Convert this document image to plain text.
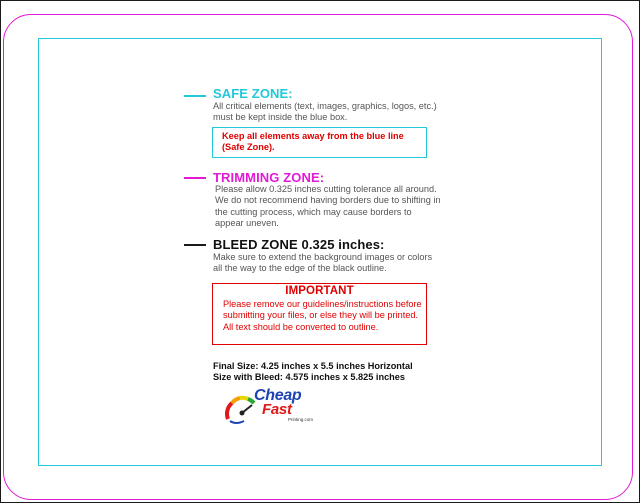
SAFE ZONE:
All critical elements (text, images, graphics, logos, etc.)
must be kept inside the blue box.
Keep all elements away from the blue line
(Safe Zone).
TRIMMING ZONE:
Please allow 0.325 inches cutting tolerance all around.
We do not recommend having borders due to shifting in
the cutting process, which may cause borders to
appear uneven.
BLEED ZONE 0.325 inches:
Make sure to extend the background images or colors
all the way to the edge of the black outline.
IMPORTANT
Please remove our guidelines/instructions before
submitting your files, or else they will be printed.
All text should be converted to outline.
Final Size: 4.25 inches x 5.5 inches Horizontal
Size with Bleed: 4.575 inches x 5.825 inches
Cheap
Fast
Printing.com
